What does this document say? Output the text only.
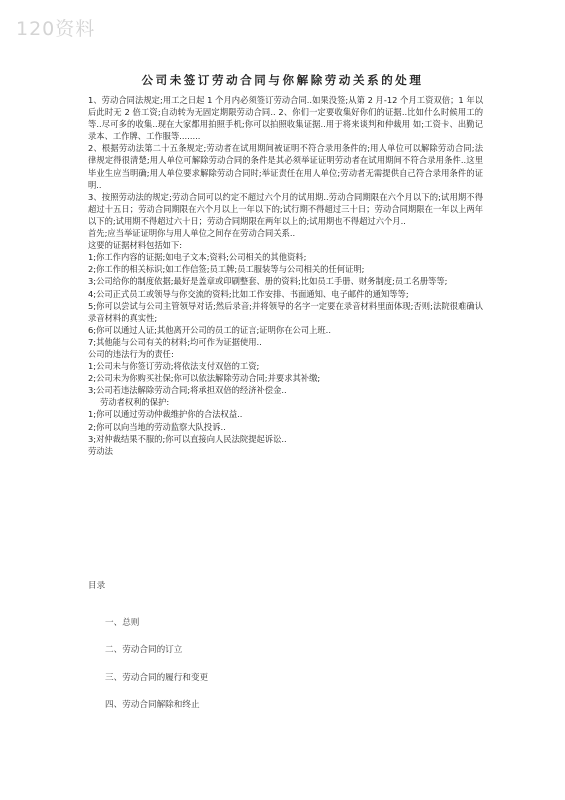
120资料
公司未签订劳动合同与你解除劳动关系的处理

1、劳动合同法规定;用工之日起 1 个月内必须签订劳动合同..如果没签;从第 2 月-12 个月工资双倍；1 年以后此时无 2 倍工资;自动转为无固定期限劳动合同.. 2、你们一定要收集好你们的证据..比如什么时候用工的等..尽可多的收集..现在大家都用拍照手机;你可以拍照收集证据..用于将来谈判和仲裁用 如;工资卡、出勤记录本、工作牌、工作服等........

2、根据劳动法第二十五条规定;劳动者在试用期间被证明不符合录用条件的;用人单位可以解除劳动合同;法律规定得很清楚;用人单位可解除劳动合同的条件是其必须举证证明劳动者在试用期间不符合录用条件..这里毕业生应当明确;用人单位要求解除劳动合同时;举证责任在用人单位;劳动者无需提供自己符合录用条件的证明..

3、按照劳动法的规定;劳动合同可以约定不超过六个月的试用期..劳动合同期限在六个月以下的;试用期不得超过十五日；劳动合同期限在六个月以上一年以下的;试行期不得超过三十日；劳动合同期限在一年以上两年以下的;试用期不得超过六十日；劳动合同期限在两年以上的;试用期也不得超过六个月..

首先;应当举证证明你与用人单位之间存在劳动合同关系..

这要的证据材料包括如下:

1;你工作内容的证据;如电子文本;资料;公司相关的其他资料;

2;你工作的相关标识;如工作信签;员工牌;员工服装等与公司相关的任何证明;

3;公司给你的制度依据;最好是盖章或印刷整套、册的资料;比如员工手册、财务制度;员工名册等等;

4;公司正式员工或领导与你交流的资料;比如工作安排、书面通知、电子邮件的通知等等;

5;你可以尝试与公司主管领导对话;然后录音;并将领导的名字一定要在录音材料里面体现;否则;法院很难确认录音材料的真实性;

6;你可以通过人证;其他离开公司的员工的证言;证明你在公司上班..

7;其他能与公司有关的材料;均可作为证据使用..

公司的违法行为的责任:

1;公司未与你签订劳动;将依法支付双倍的工资;

2;公司未为你购买社保;你可以依法解除劳动合同;并要求其补缴;

3;公司若违法解除劳动合同;将承担双倍的经济补偿金..

劳动者权利的保护:

1;你可以通过劳动仲裁维护你的合法权益..

2;你可以向当地的劳动监察大队投诉..

3;对仲裁结果不服的;你可以直接向人民法院提起诉讼..

劳动法

目录
一、总则
二、劳动合同的订立
三、劳动合同的履行和变更
四、劳动合同解除和终止
